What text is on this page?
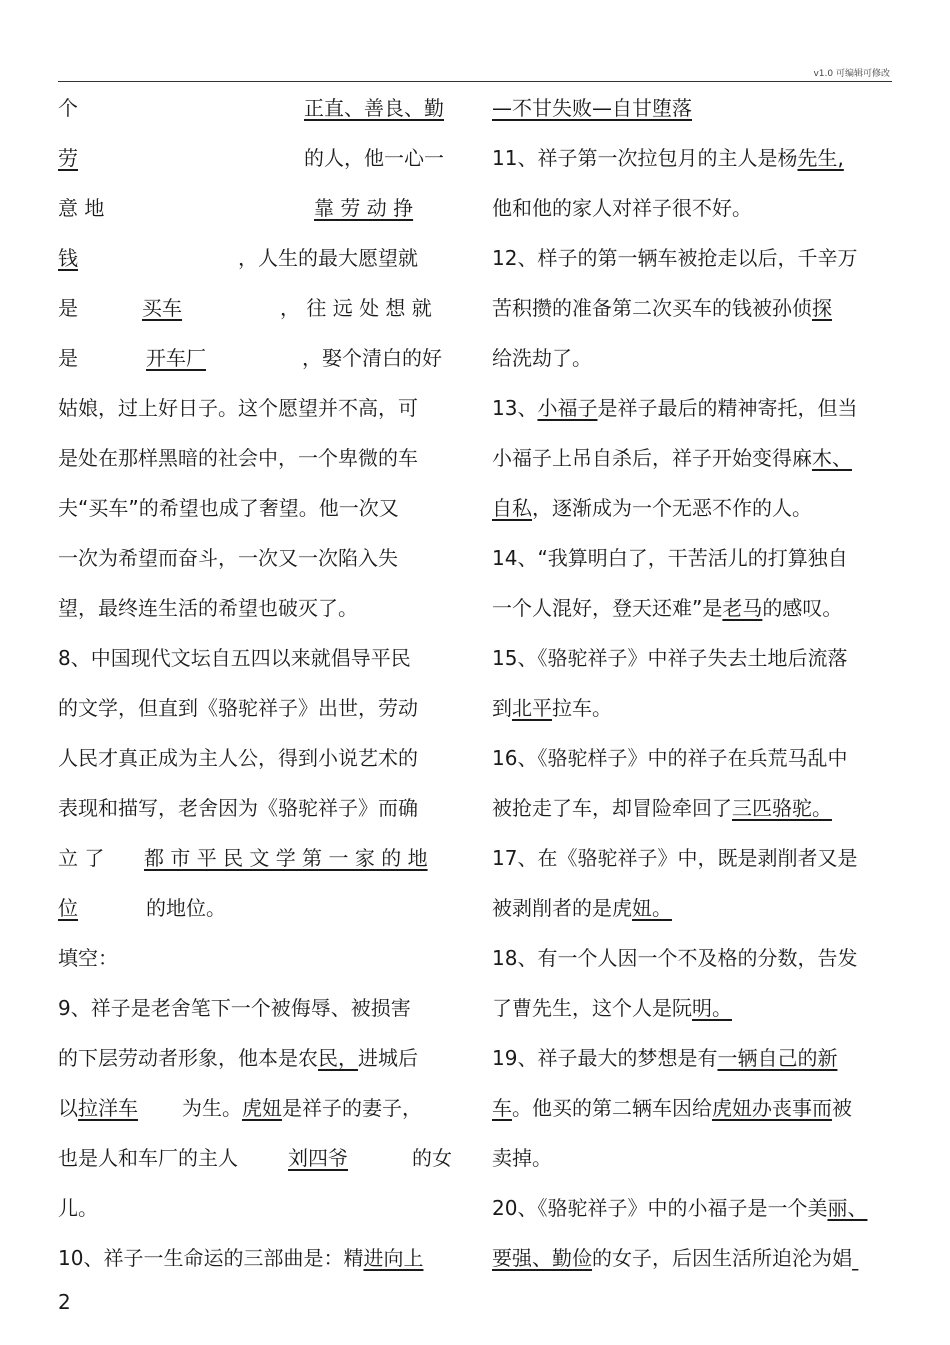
v1.0 可编辑可修改
个	正直、善良、勤
劳	的人，他一心一
意 地	靠 劳 动 挣
钱	，人生的最大愿望就
是	买车	， 往 远 处 想 就
是	开车厂	，娶个清白的好
姑娘，过上好日子。这个愿望并不高，可
是处在那样黑暗的社会中，一个卑微的车
夫“买车”的希望也成了奢望。他一次又
一次为希望而奋斗，一次又一次陷入失
望，最终连生活的希望也破灭了。
8、中国现代文坛自五四以来就倡导平民
的文学，但直到《骆驼祥子》出世，劳动
人民才真正成为主人公，得到小说艺术的
表现和描写，老舍因为《骆驼祥子》而确
立 了 都 市 平 民 文 学 第 一 家 的 地
位	的地位。
填空：
9、祥子是老舍笔下一个被侮辱、被损害
的下层劳动者形象，他本是农民，进城后
以拉洋车 为生。虎妞是祥子的妻子，
也是人和车厂的主人	刘四爷	的女
儿。
10、祥子一生命运的三部曲是：精进向上
—不甘失败—自甘堕落
11、祥子第一次拉包月的主人是杨先生,
他和他的家人对祥子很不好。
12、样子的第一辆车被抢走以后，千辛万
苦积攒的准备第二次买车的钱被孙侦探
给洗劫了。
13、小福子是祥子最后的精神寄托，但当
小福子上吊自杀后，祥子开始变得麻木、
自私，逐渐成为一个无恶不作的人。
14、“我算明白了，干苦活儿的打算独自
一个人混好，登天还难”是老马的感叹。
15、《骆驼祥子》中祥子失去土地后流落
到北平拉车。
16、《骆驼样子》中的祥子在兵荒马乱中
被抢走了车，却冒险牵回了三匹骆驼。
17、在《骆驼祥子》中，既是剥削者又是
被剥削者的是虎妞。
18、有一个人因一个不及格的分数，告发
了曹先生，这个人是阮明。
19、祥子最大的梦想是有一辆自己的新
车。他买的第二辆车因给虎妞办丧事而被
卖掉。
20、《骆驼祥子》中的小福子是一个美丽、
要强、勤俭的女子，后因生活所迫沦为娼
2
